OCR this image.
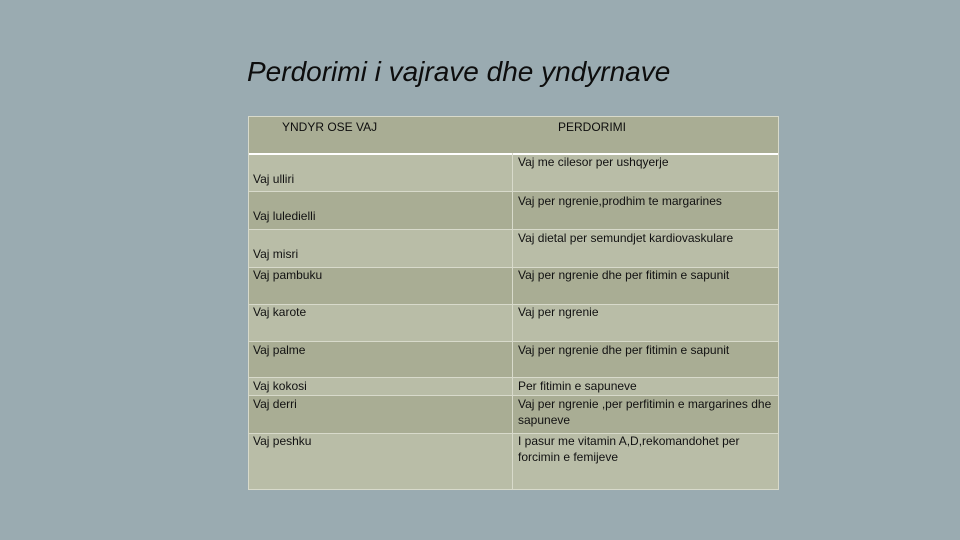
Perdorimi i vajrave dhe yndyrnave
YNDYR OSE VAJ	PERDORIMI
Vaj ulliri
Vaj luledielli
Vaj misri
Vaj pambuku
Vaj karote
Vaj palme
Vaj kokosi
Vaj derri
Vaj peshku
Vaj me cilesor per ushqyerje
Vaj per ngrenie,prodhim te margarines
Vaj dietal per semundjet kardiovaskulare
Vaj per ngrenie dhe per fitimin e sapunit
Vaj per ngrenie
Vaj per ngrenie dhe per fitimin e sapunit
Per fitimin e sapuneve
Vaj per ngrenie ,per perfitimin e margarines dhe sapuneve
I pasur me vitamin A,D,rekomandohet per forcimin e femijeve
